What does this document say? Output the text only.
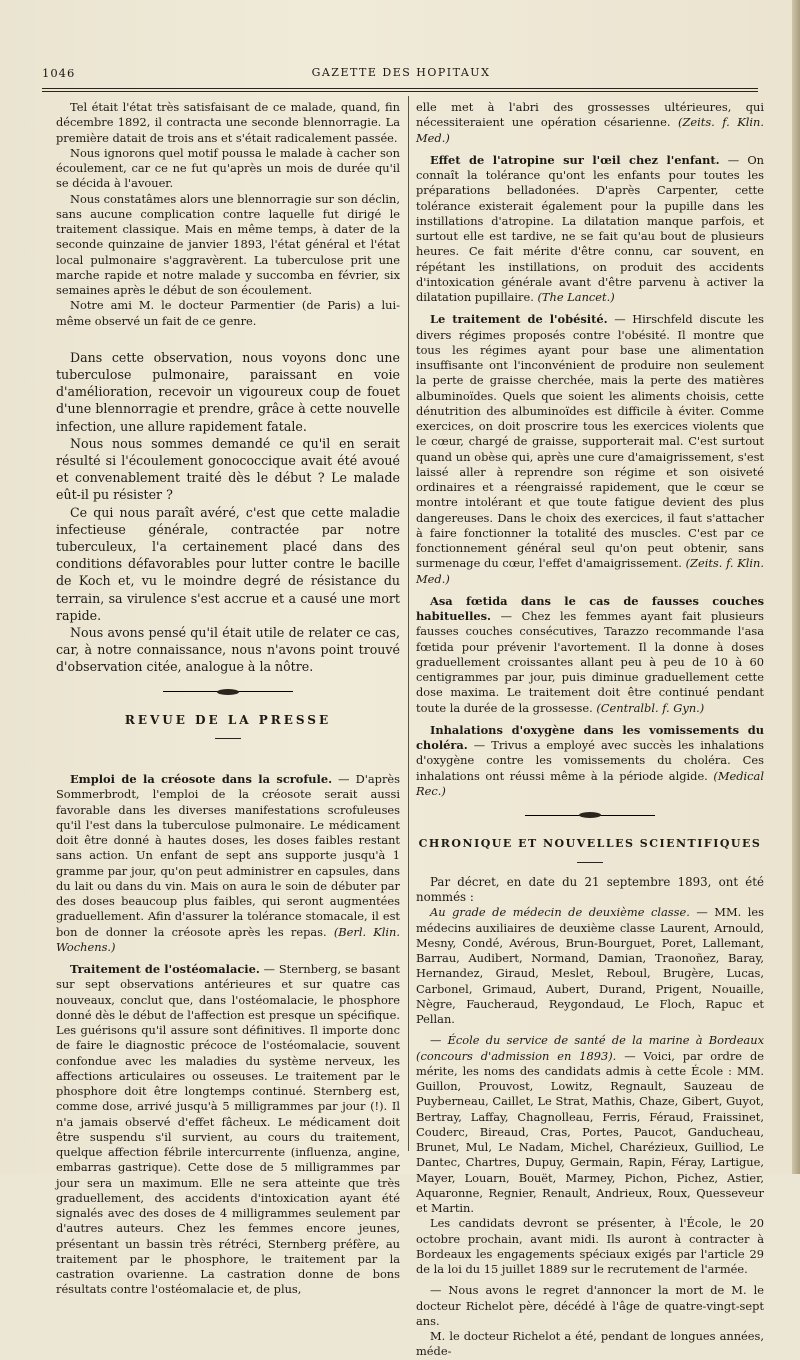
1046	GAZETTE DES HOPITAUX

Tel était l'état très satisfaisant de ce malade, quand, fin décembre 1892, il contracta une seconde blennorragie. La première datait de trois ans et s'était radicalement passée.

Nous ignorons quel motif poussa le malade à cacher son écoulement, car ce ne fut qu'après un mois de durée qu'il se décida à l'avouer.

Nous constatâmes alors une blennorragie sur son déclin, sans aucune complication contre laquelle fut dirigé le traitement classique. Mais en même temps, à dater de la seconde quinzaine de janvier 1893, l'état général et l'état local pulmonaire s'aggravèrent. La tuberculose prit une marche rapide et notre malade y succomba en février, six semaines après le début de son écoulement.

Notre ami M. le docteur Parmentier (de Paris) a lui-même observé un fait de ce genre.

Dans cette observation, nous voyons donc une tuberculose pulmonaire, paraissant en voie d'amélioration, recevoir un vigoureux coup de fouet d'une blennorragie et prendre, grâce à cette nouvelle infection, une allure rapidement fatale.

Nous nous sommes demandé ce qu'il en serait résulté si l'écoulement gonococcique avait été avoué et convenablement traité dès le début ? Le malade eût-il pu résister ?

Ce qui nous paraît avéré, c'est que cette maladie infectieuse générale, contractée par notre tuberculeux, l'a certainement placé dans des conditions défavorables pour lutter contre le bacille de Koch et, vu le moindre degré de résistance du terrain, sa virulence s'est accrue et a causé une mort rapide.

Nous avons pensé qu'il était utile de relater ce cas, car, à notre connaissance, nous n'avons point trouvé d'observation citée, analogue à la nôtre.

REVUE DE LA PRESSE

Emploi de la créosote dans la scrofule. — D'après Sommerbrodt, l'emploi de la créosote serait aussi favorable dans les diverses manifestations scrofuleuses qu'il l'est dans la tuberculose pulmonaire. Le médicament doit être donné à hautes doses, les doses faibles restant sans action. Un enfant de sept ans supporte jusqu'à 1 gramme par jour, qu'on peut administrer en capsules, dans du lait ou dans du vin. Mais on aura le soin de débuter par des doses beaucoup plus faibles, qui seront augmentées graduellement. Afin d'assurer la tolérance stomacale, il est bon de donner la créosote après les repas. (Berl. Klin. Wochens.)

Traitement de l'ostéomalacie. — Sternberg, se basant sur sept observations antérieures et sur quatre cas nouveaux, conclut que, dans l'ostéomalacie, le phosphore donné dès le début de l'affection est presque un spécifique. Les guérisons qu'il assure sont définitives. Il importe donc de faire le diagnostic précoce de l'ostéomalacie, souvent confondue avec les maladies du système nerveux, les affections articulaires ou osseuses. Le traitement par le phosphore doit être longtemps continué. Sternberg est, comme dose, arrivé jusqu'à 5 milligrammes par jour (!). Il n'a jamais observé d'effet fâcheux. Le médicament doit être suspendu s'il survient, au cours du traitement, quelque affection fébrile intercurrente (influenza, angine, embarras gastrique). Cette dose de 5 milligrammes par jour sera un maximum. Elle ne sera atteinte que très graduellement, des accidents d'intoxication ayant été signalés avec des doses de 4 milligrammes seulement par d'autres auteurs. Chez les femmes encore jeunes, présentant un bassin très rétréci, Sternberg préfère, au traitement par le phosphore, le traitement par la castration ovarienne. La castration donne de bons résultats contre l'ostéomalacie et, de plus,

elle met à l'abri des grossesses ultérieures, qui nécessiteraient une opération césarienne. (Zeits. f. Klin. Med.)

Effet de l'atropine sur l'œil chez l'enfant. — On connaît la tolérance qu'ont les enfants pour toutes les préparations belladonées. D'après Carpenter, cette tolérance existerait également pour la pupille dans les instillations d'atropine. La dilatation manque parfois, et surtout elle est tardive, ne se fait qu'au bout de plusieurs heures. Ce fait mérite d'être connu, car souvent, en répétant les instillations, on produit des accidents d'intoxication générale avant d'être parvenu à activer la dilatation pupillaire. (The Lancet.)

Le traitement de l'obésité. — Hirschfeld discute les divers régimes proposés contre l'obésité. Il montre que tous les régimes ayant pour base une alimentation insuffisante ont l'inconvénient de produire non seulement la perte de graisse cherchée, mais la perte des matières albuminoïdes. Quels que soient les aliments choisis, cette dénutrition des albuminoïdes est difficile à éviter. Comme exercices, on doit proscrire tous les exercices violents que le cœur, chargé de graisse, supporterait mal. C'est surtout quand un obèse qui, après une cure d'amaigrissement, s'est laissé aller à reprendre son régime et son oisiveté ordinaires et a réengraissé rapidement, que le cœur se montre intolérant et que toute fatigue devient des plus dangereuses. Dans le choix des exercices, il faut s'attacher à faire fonctionner la totalité des muscles. C'est par ce fonctionnement général seul qu'on peut obtenir, sans surmenage du cœur, l'effet d'amaigrissement. (Zeits. f. Klin. Med.)

Asa fœtida dans le cas de fausses couches habituelles. — Chez les femmes ayant fait plusieurs fausses couches consécutives, Tarazzo recommande l'asa fœtida pour prévenir l'avortement. Il la donne à doses graduellement croissantes allant peu à peu de 10 à 60 centigrammes par jour, puis diminue graduellement cette dose maxima. Le traitement doit être continué pendant toute la durée de la grossesse. (Centralbl. f. Gyn.)

Inhalations d'oxygène dans les vomissements du choléra. — Trivus a employé avec succès les inhalations d'oxygène contre les vomissements du choléra. Ces inhalations ont réussi même à la période algide. (Medical Rec.)

CHRONIQUE ET NOUVELLES SCIENTIFIQUES

Par décret, en date du 21 septembre 1893, ont été nommés :

Au grade de médecin de deuxième classe. — MM. les médecins auxiliaires de deuxième classe Laurent, Arnould, Mesny, Condé, Avérous, Brun-Bourguet, Poret, Lallemant, Barrau, Audibert, Normand, Damian, Traonoñez, Baray, Hernandez, Giraud, Meslet, Reboul, Brugère, Lucas, Carbonel, Grimaud, Aubert, Durand, Prigent, Nouaille, Nègre, Faucheraud, Reygondaud, Le Floch, Rapuc et Pellan.

— École du service de santé de la marine à Bordeaux (concours d'admission en 1893). — Voici, par ordre de mérite, les noms des candidats admis à cette École : MM. Guillon, Prouvost, Lowitz, Regnault, Sauzeau de Puyberneau, Caillet, Le Strat, Mathis, Chaze, Gibert, Guyot, Bertray, Laffay, Chagnolleau, Ferris, Féraud, Fraissinet, Couderc, Bireaud, Cras, Portes, Paucot, Ganducheau, Brunet, Mul, Le Nadam, Michel, Charézieux, Guilliod, Le Dantec, Chartres, Dupuy, Germain, Rapin, Féray, Lartigue, Mayer, Louarn, Bouët, Marmey, Pichon, Pichez, Astier, Aquaronne, Regnier, Renault, Andrieux, Roux, Quesseveur et Martin.

Les candidats devront se présenter, à l'École, le 20 octobre prochain, avant midi. Ils auront à contracter à Bordeaux les engagements spéciaux exigés par l'article 29 de la loi du 15 juillet 1889 sur le recrutement de l'armée.

— Nous avons le regret d'annoncer la mort de M. le docteur Richelot père, décédé à l'âge de quatre-vingt-sept ans.

M. le docteur Richelot a été, pendant de longues années, méde-
